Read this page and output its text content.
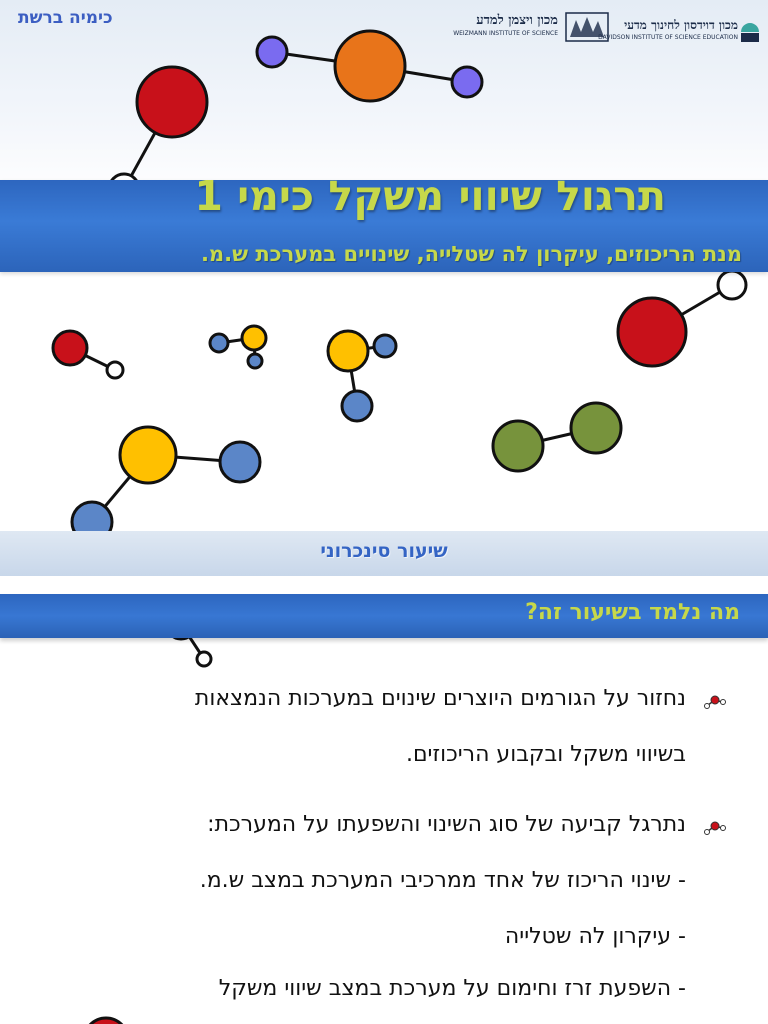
כימיה ברשת	מכון ויצמן למדע
WEIZMANN INSTITUTE OF SCIENCE
מכון דוידסון לחינוך מדעי
DAVIDSON INSTITUTE OF SCIENCE EDUCATION
תרגול שיווי משקל כימי 1
מנת הריכוזים, עיקרון לה שטלייה, שינויים במערכת ש.מ.
שיעור סינכרוני
מה נלמד בשיעור זה?
נחזור על הגורמים היוצרים שינוים במערכות הנמצאות
בשיווי משקל ובקבוע הריכוזים.
נתרגל קביעה של סוג השינוי והשפעתו על המערכת:
- שינוי הריכוז של אחד ממרכיבי המערכת במצב ש.מ.
- עיקרון לה שטלייה
- השפעת זרז וחימום על מערכת במצב שיווי משקל
